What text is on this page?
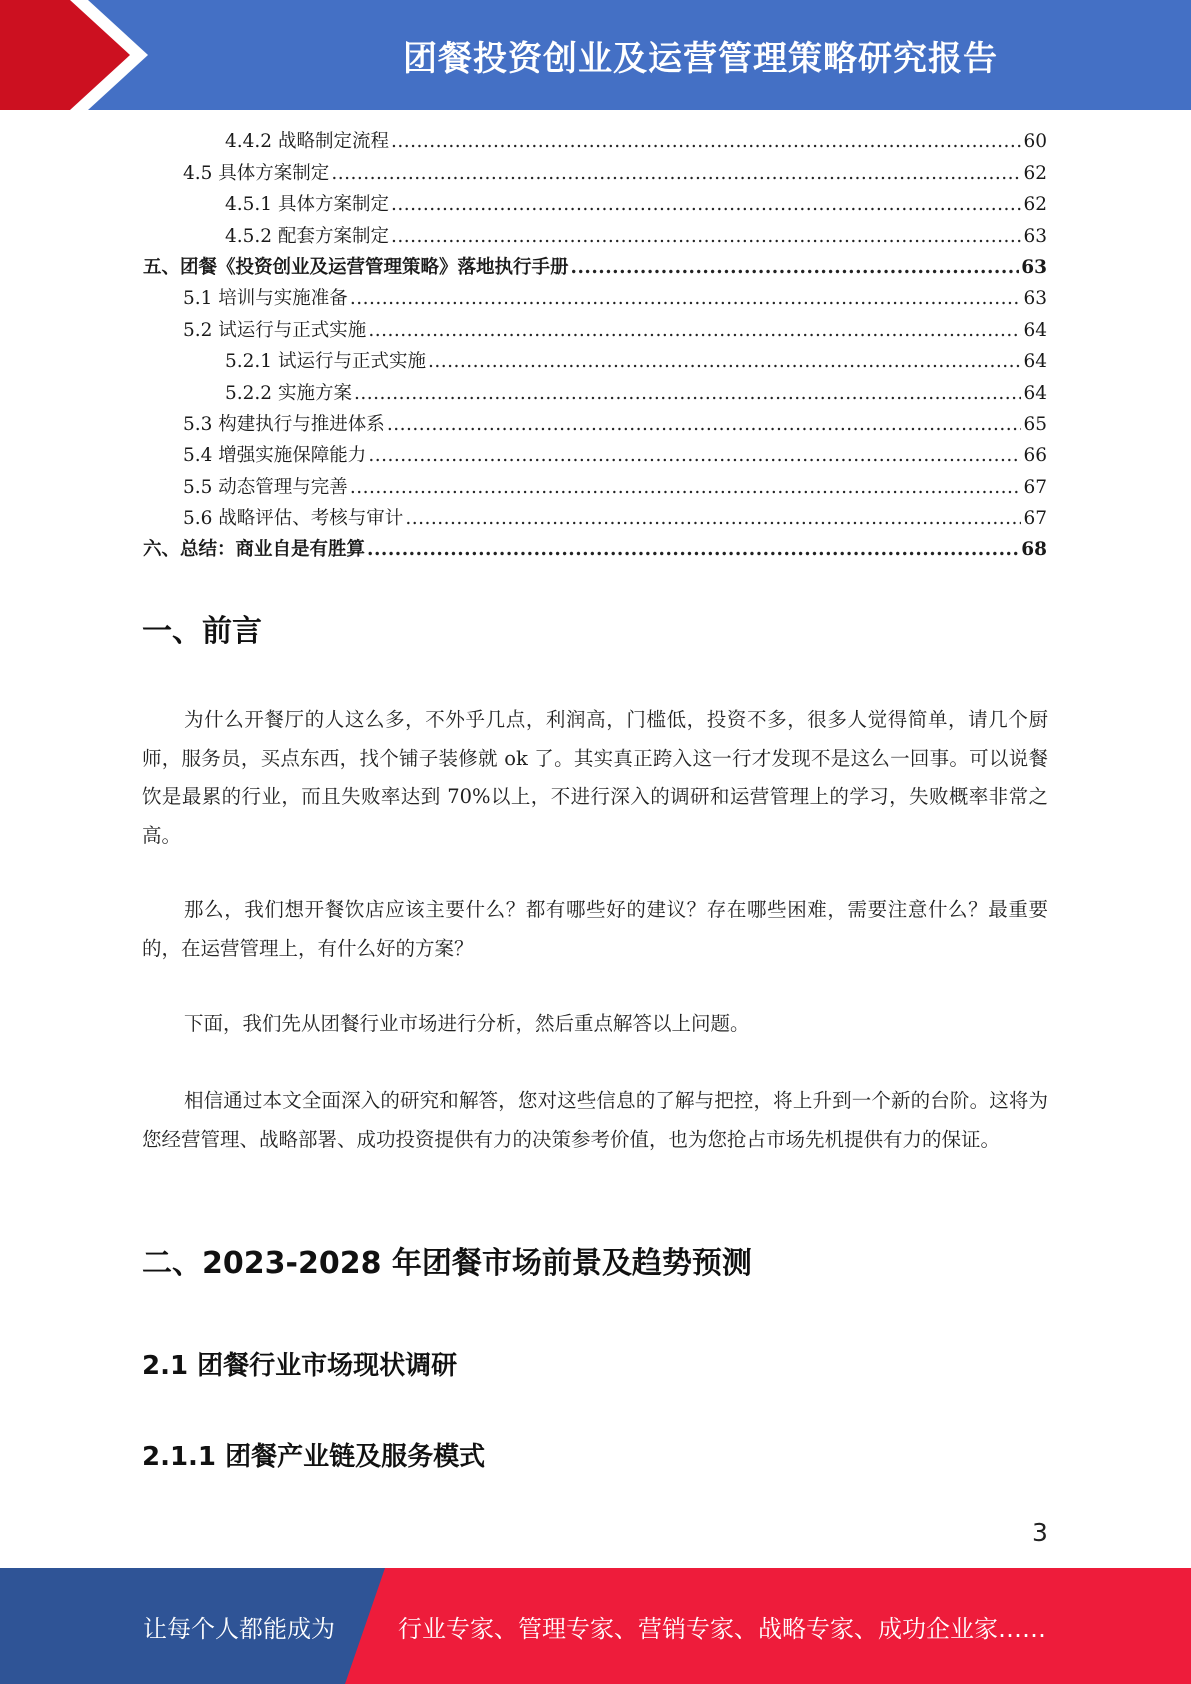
团餐投资创业及运营管理策略研究报告
4.4.2 战略制定流程 .....	60
4.5 具体方案制定 .....	62
4.5.1 具体方案制定 .....	62
4.5.2 配套方案制定 .....	63
五、团餐《投资创业及运营管理策略》落地执行手册 .....	63
5.1 培训与实施准备 .....	63
5.2 试运行与正式实施 .....	64
5.2.1 试运行与正式实施 .....	64
5.2.2 实施方案 .....	64
5.3 构建执行与推进体系 .....	65
5.4 增强实施保障能力 .....	66
5.5 动态管理与完善 .....	67
5.6 战略评估、考核与审计 .....	67
六、总结：商业自是有胜算 .....	68
一、前言

为什么开餐厅的人这么多，不外乎几点，利润高，门槛低，投资不多，很多人觉得简单，请几个厨师，服务员，买点东西，找个铺子装修就 ok 了。其实真正跨入这一行才发现不是这么一回事。可以说餐饮是最累的行业，而且失败率达到 70%以上，不进行深入的调研和运营管理上的学习，失败概率非常之高。

那么，我们想开餐饮店应该主要什么？都有哪些好的建议？存在哪些困难，需要注意什么？最重要的，在运营管理上，有什么好的方案？

下面，我们先从团餐行业市场进行分析，然后重点解答以上问题。

相信通过本文全面深入的研究和解答，您对这些信息的了解与把控，将上升到一个新的台阶。这将为您经营管理、战略部署、成功投资提供有力的决策参考价值，也为您抢占市场先机提供有力的保证。

二、2023-2028 年团餐市场前景及趋势预测
2.1 团餐行业市场现状调研
2.1.1 团餐产业链及服务模式
3
让每个人都能成为	行业专家、管理专家、营销专家、战略专家、成功企业家……
